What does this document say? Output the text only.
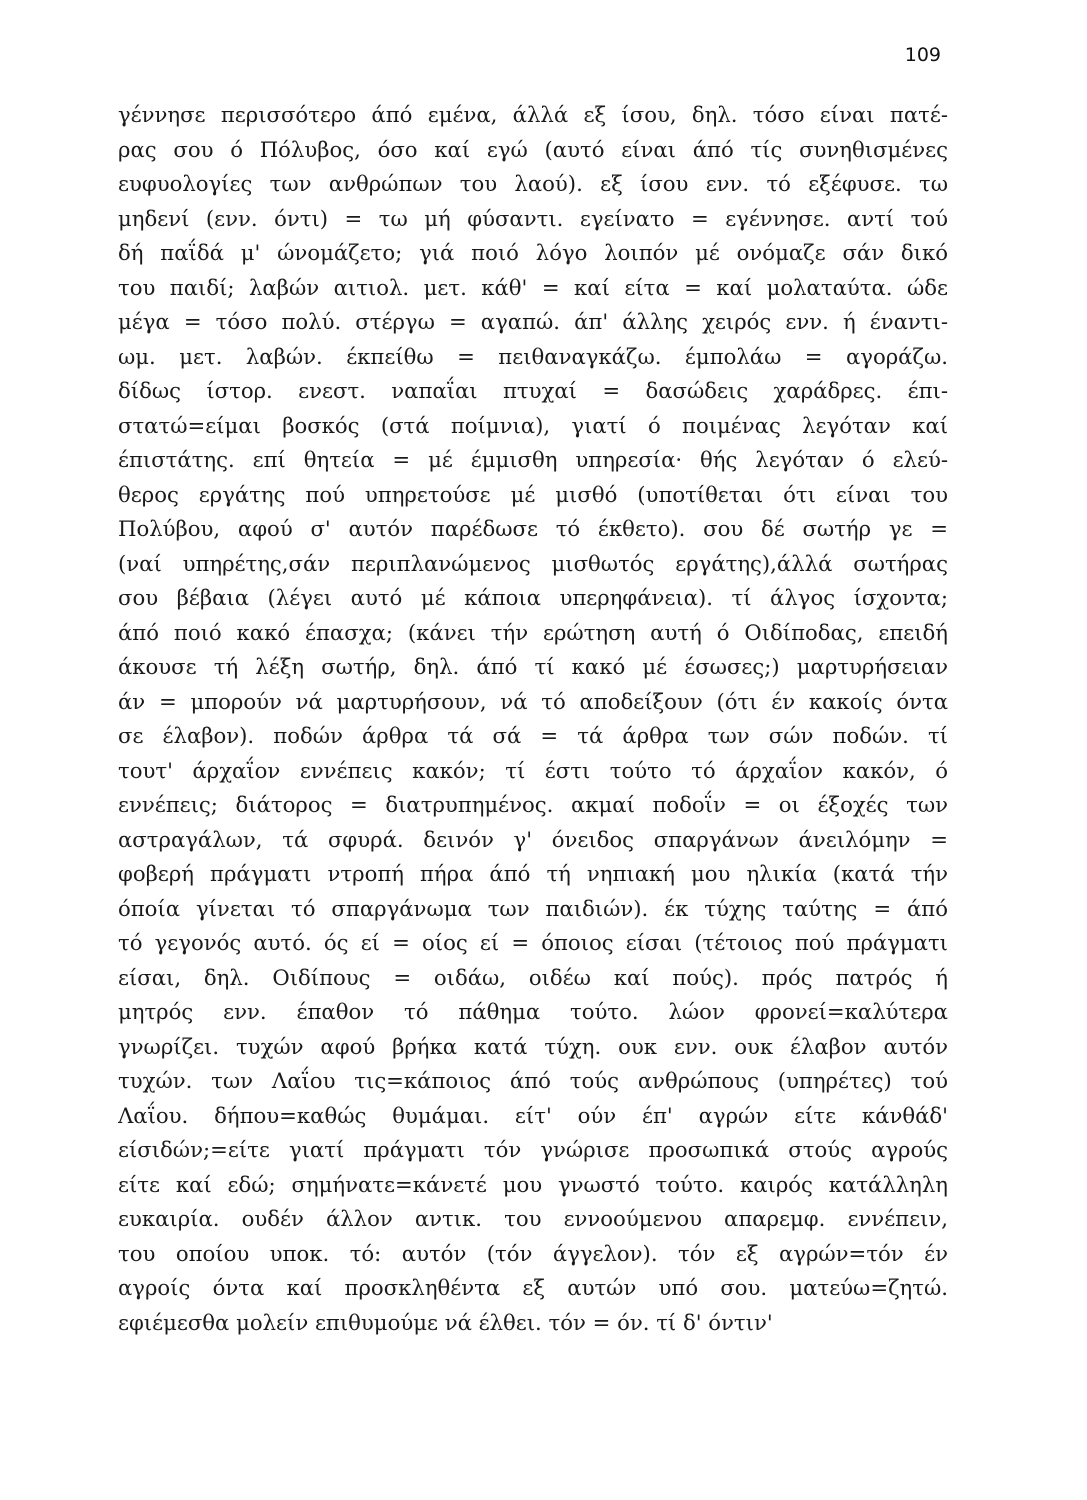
109
γέννησε περισσότερο άπό εμένα, άλλά εξ ίσου, δηλ. τόσο είναι πατέ-
ρας σου ό Πόλυβος, όσο καί εγώ (αυτό είναι άπό τίς συνηθισμένες
ευφυολογίες των ανθρώπων του λαού). εξ ίσου ενν. τό εξέφυσε. τω
μηδενί (ενν. όντι) = τω μή φύσαντι. εγείνατο = εγέννησε. αντί τού
δή παΐδά μ' ώνομάζετο; γιά ποιό λόγο λοιπόν μέ ονόμαζε σάν δικό
του παιδί; λαβών αιτιολ. μετ. κάθ' = καί είτα = καί μολαταύτα. ώδε
μέγα = τόσο πολύ. στέργω = αγαπώ. άπ' άλλης χειρός ενν. ή έναντι-
ωμ. μετ. λαβών. έκπείθω = πειθαναγκάζω. έμπολάω = αγοράζω.
δίδως ίστορ. ενεστ. ναπαΐαι πτυχαί = δασώδεις χαράδρες. έπι-
στατώ=είμαι βοσκός (στά ποίμνια), γιατί ό ποιμένας λεγόταν καί
έπιστάτης. επί θητεία = μέ έμμισθη υπηρεσία· θής λεγόταν ό ελεύ-
θερος εργάτης πού υπηρετούσε μέ μισθό (υποτίθεται ότι είναι του
Πολύβου, αφού σ' αυτόν παρέδωσε τό έκθετο). σου δέ σωτήρ γε =
(ναί υπηρέτης,σάν περιπλανώμενος μισθωτός εργάτης),άλλά σωτήρας
σου βέβαια (λέγει αυτό μέ κάποια υπερηφάνεια). τί άλγος ίσχοντα;
άπό ποιό κακό έπασχα; (κάνει τήν ερώτηση αυτή ό Οιδίποδας, επειδή
άκουσε τή λέξη σωτήρ, δηλ. άπό τί κακό μέ έσωσες;) μαρτυρήσειαν
άν = μπορούν νά μαρτυρήσουν, νά τό αποδείξουν (ότι έν κακοίς όντα
σε έλαβον). ποδών άρθρα τά σά = τά άρθρα των σών ποδών. τί
τουτ' άρχαΐον εννέπεις κακόν; τί έστι τούτο τό άρχαΐον κακόν, ό
εννέπεις; διάτορος = διατρυπημένος. ακμαί ποδοΐν = οι έξοχές των
αστραγάλων, τά σφυρά. δεινόν γ' όνειδος σπαργάνων άνειλόμην =
φοβερή πράγματι ντροπή πήρα άπό τή νηπιακή μου ηλικία (κατά τήν
όποία γίνεται τό σπαργάνωμα των παιδιών). έκ τύχης ταύτης = άπό
τό γεγονός αυτό. ός εί = οίος εί = όποιος είσαι (τέτοιος πού πράγματι
είσαι, δηλ. Οιδίπους = οιδάω, οιδέω καί πούς). πρός πατρός ή
μητρός ενν. έπαθον τό πάθημα τούτο. λώον φρονεί=καλύτερα
γνωρίζει. τυχών αφού βρήκα κατά τύχη. ουκ ενν. ουκ έλαβον αυτόν
τυχών. των Λαΐου τις=κάποιος άπό τούς ανθρώπους (υπηρέτες) τού
Λαΐου. δήπου=καθώς θυμάμαι. είτ' ούν έπ' αγρών είτε κάνθάδ'
είσιδών;=είτε γιατί πράγματι τόν γνώρισε προσωπικά στούς αγρούς
είτε καί εδώ; σημήνατε=κάνετέ μου γνωστό τούτο. καιρός κατάλληλη
ευκαιρία. ουδέν άλλον αντικ. του εννοούμενου απαρεμφ. εννέπειν,
του οποίου υποκ. τό: αυτόν (τόν άγγελον). τόν εξ αγρών=τόν έν
αγροίς όντα καί προσκληθέντα εξ αυτών υπό σου. ματεύω=ζητώ.
εφιέμεσθα μολείν επιθυμούμε νά έλθει. τόν = όν. τί δ' όντιν'
